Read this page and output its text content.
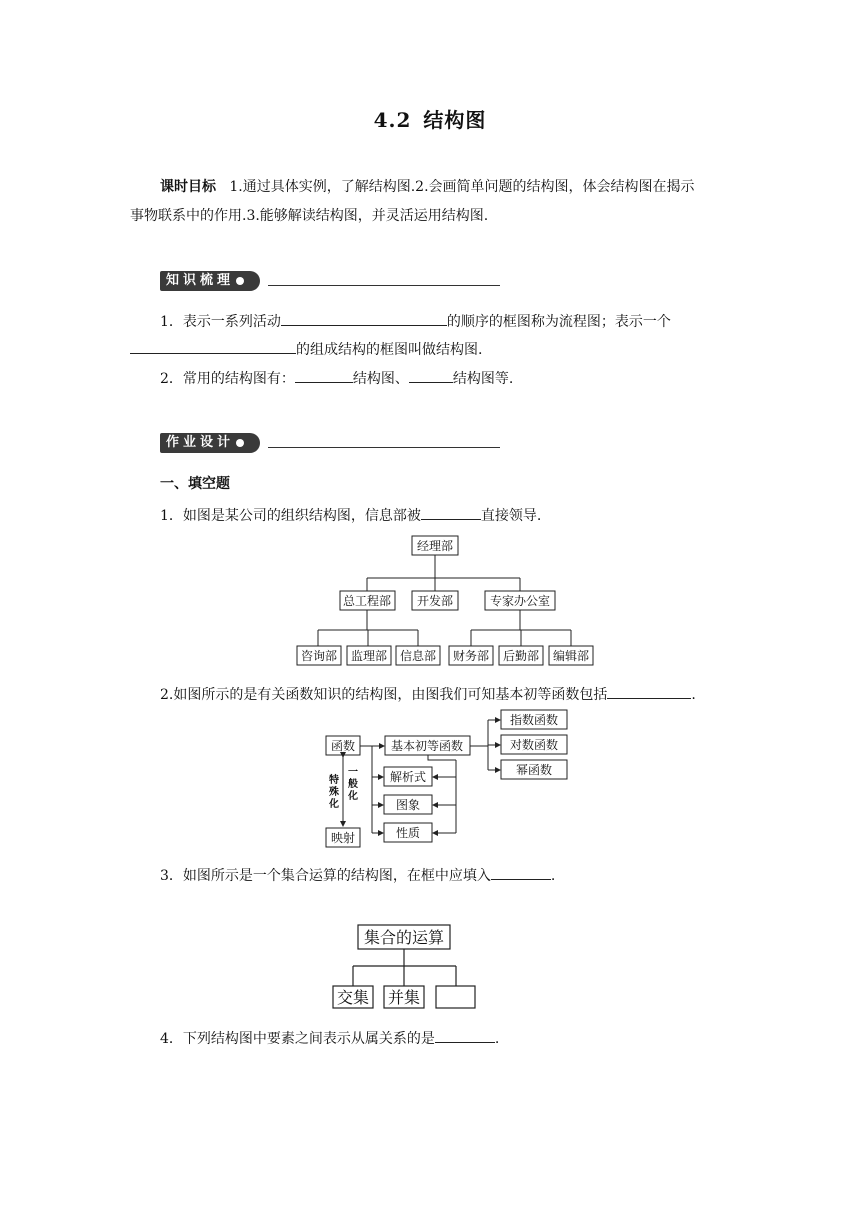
4.2 结构图
课时目标 1.通过具体实例，了解结构图.2.会画简单问题的结构图，体会结构图在揭示
事物联系中的作用.3.能够解读结构图，并灵活运用结构图.
知识梳理
1．表示一系列活动	的顺序的框图称为流程图；表示一个
的组成结构的框图叫做结构图.
2．常用的结构图有：	结构图、	结构图等.
作业设计
一、填空题
1．如图是某公司的组织结构图，信息部被	直接领导.
经理部
总工程部 开发部	专家办公室
咨询部 监理部 信息部 财务部 后勤部 编辑部
2.如图所示的是有关函数知识的结构图，由图我们可知基本初等函数包括	.
函数	基本初等函数
指数函数
对数函数
幂函数
解析式
图象
性质
映射
特
殊
化
一
般
化
3．如图所示是一个集合运算的结构图，在框中应填入	.
集合的运算
交集 并集
4．下列结构图中要素之间表示从属关系的是	.
